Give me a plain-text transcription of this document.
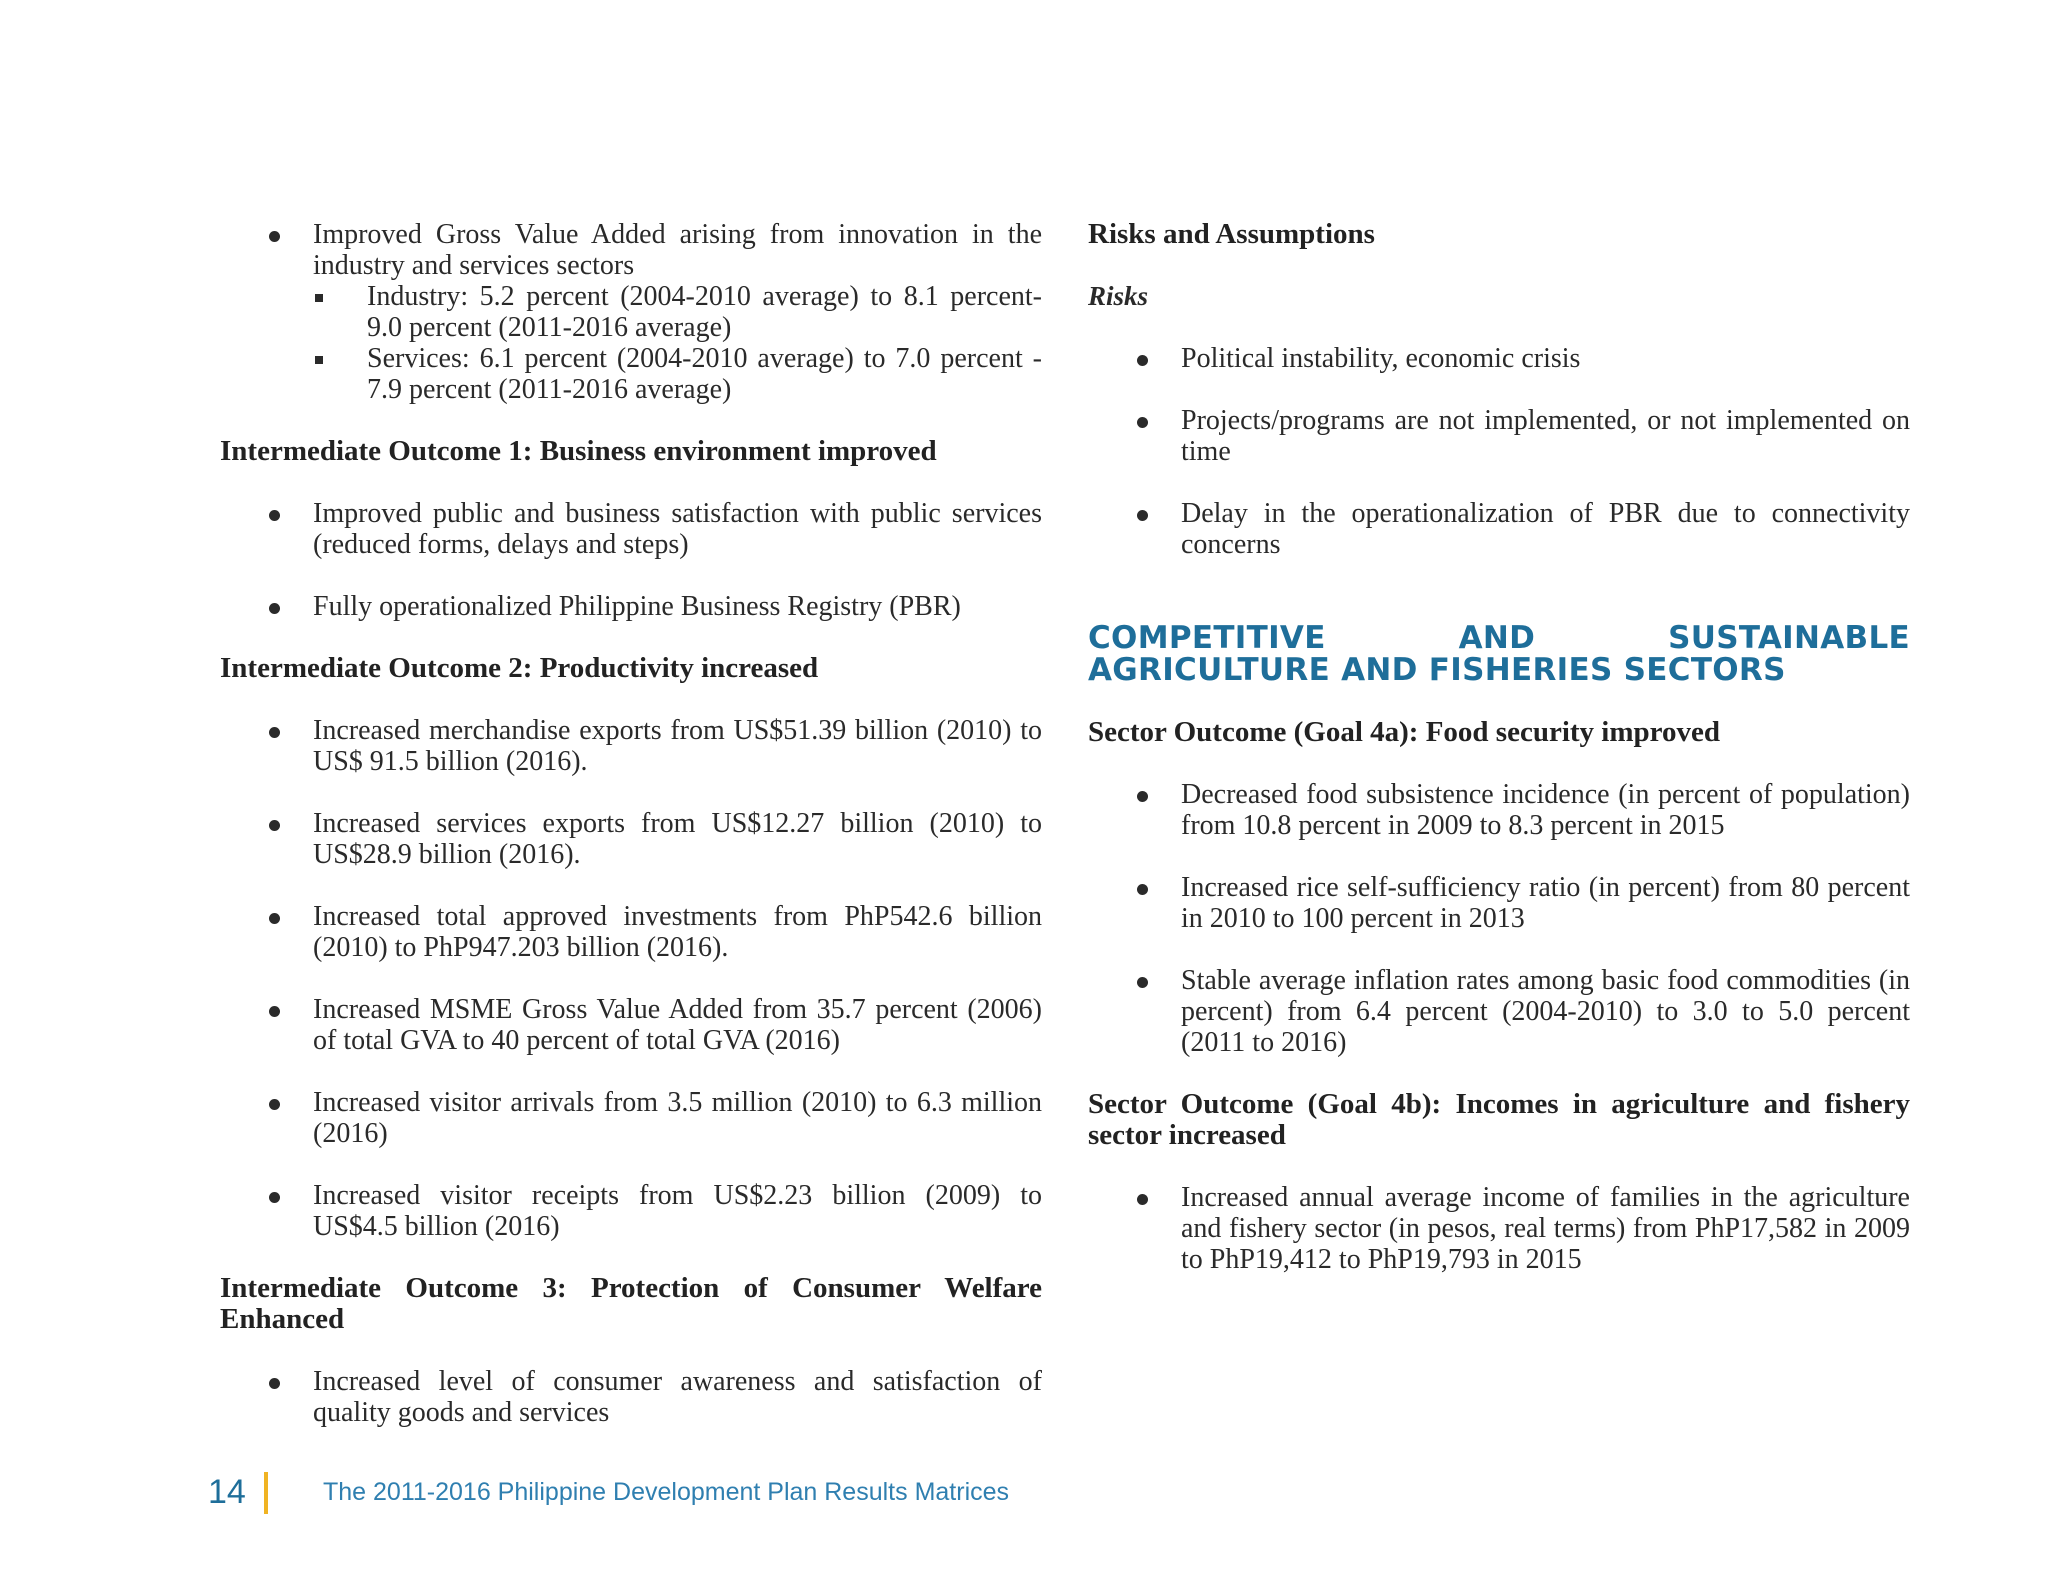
Improved Gross Value Added arising from innovation in the industry and services sectors
Industry: 5.2 percent (2004-2010 average) to 8.1 percent-9.0 percent (2011-2016 average)
Services: 6.1 percent (2004-2010 average) to 7.0 percent - 7.9 percent (2011-2016 average)
Intermediate Outcome 1: Business environment improved
Improved public and business satisfaction with public services (reduced forms, delays and steps)
Fully operationalized Philippine Business Registry (PBR)
Intermediate Outcome 2: Productivity increased
Increased merchandise exports from US$51.39 billion (2010) to US$ 91.5 billion (2016).
Increased services exports from US$12.27 billion (2010) to US$28.9 billion (2016).
Increased total approved investments from PhP542.6 billion (2010) to PhP947.203 billion (2016).
Increased MSME Gross Value Added from 35.7 percent (2006) of total GVA to 40 percent of total GVA (2016)
Increased visitor arrivals from 3.5 million (2010) to 6.3 million (2016)
Increased visitor receipts from US$2.23 billion (2009) to US$4.5 billion (2016)
Intermediate Outcome 3: Protection of Consumer Welfare Enhanced
Increased level of consumer awareness and satisfaction of quality goods and services
Risks and Assumptions
Risks
Political instability, economic crisis
Projects/programs are not implemented, or not implemented on time
Delay in the operationalization of PBR due to connectivity concerns
COMPETITIVE AND SUSTAINABLE AGRICULTURE AND FISHERIES SECTORS
Sector Outcome (Goal 4a): Food security improved
Decreased food subsistence incidence (in percent of population) from 10.8 percent in 2009 to 8.3 percent in 2015
Increased rice self-sufficiency ratio (in percent) from 80 percent in 2010 to 100 percent in 2013
Stable average inflation rates among basic food commodities (in percent) from 6.4 percent (2004-2010) to 3.0 to 5.0 percent (2011 to 2016)
Sector Outcome (Goal 4b): Incomes in agriculture and fishery sector increased
Increased annual average income of families in the agriculture and fishery sector (in pesos, real terms) from PhP17,582 in 2009 to PhP19,412 to PhP19,793 in 2015
14	The 2011-2016 Philippine Development Plan Results Matrices
